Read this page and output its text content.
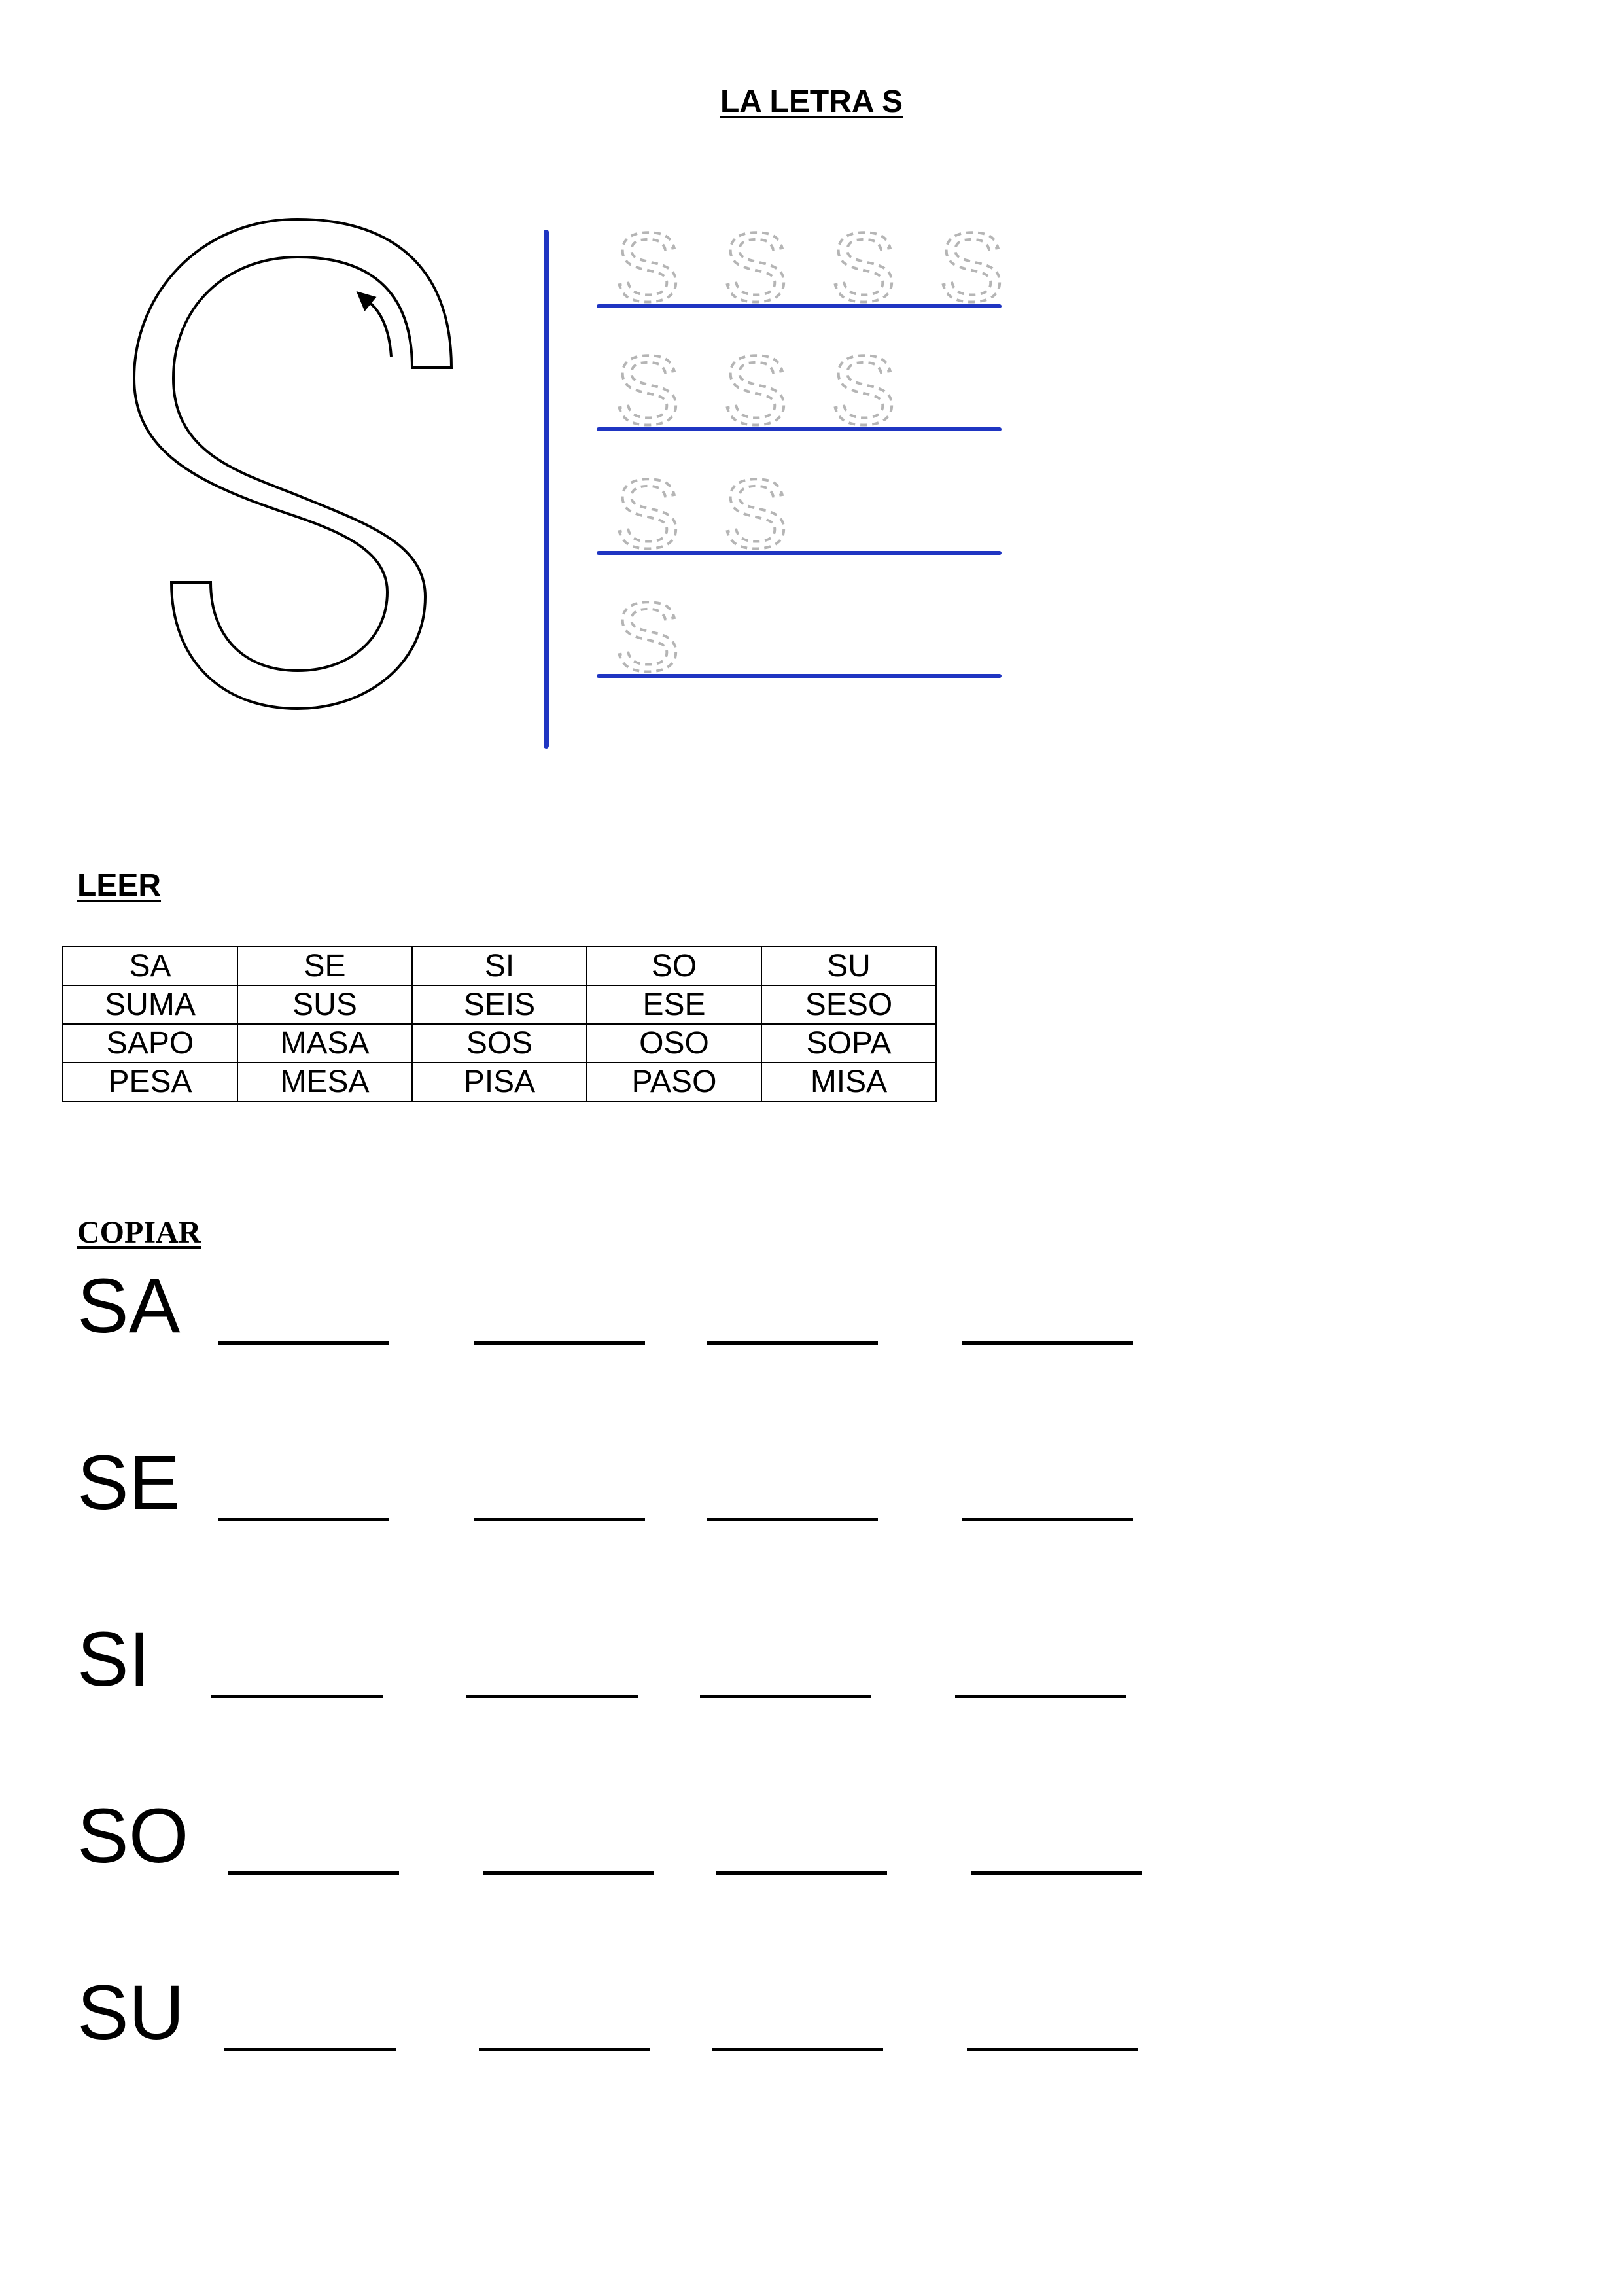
LA LETRA S
S S S S
S S S
S S
S
LEER
SA	SE	SI	SO	SU
SUMA	SUS	SEIS	ESE	SESO
SAPO	MASA	SOS	OSO	SOPA
PESA	MESA	PISA	PASO	MISA
COPIAR
SA
SE
SI
SO
SU
